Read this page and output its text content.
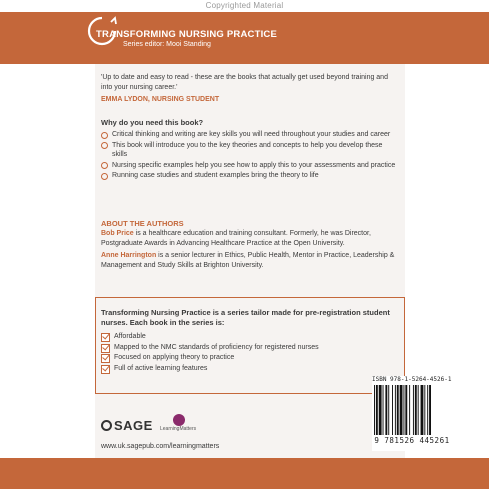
Copyrighted Material
TRANSFORMING NURSING PRACTICE
Series editor: Mooi Standing
'Up to date and easy to read - these are the books that actually get used beyond training and into your nursing career.'
EMMA LYDON, NURSING STUDENT
Why do you need this book?
Critical thinking and writing are key skills you will need throughout your studies and career
This book will introduce you to the key theories and concepts to help you develop these skills
Nursing specific examples help you see how to apply this to your assessments and practice
Running case studies and student examples bring the theory to life
ABOUT THE AUTHORS
Bob Price is a healthcare education and training consultant. Formerly, he was Director, Postgraduate Awards in Advancing Healthcare Practice at the Open University.
Anne Harrington is a senior lecturer in Ethics, Public Health, Mentor in Practice, Leadership & Management and Study Skills at Brighton University.
Transforming Nursing Practice is a series tailor made for pre-registration student nurses. Each book in the series is:
Affordable
Mapped to the NMC standards of proficiency for registered nurses
Focused on applying theory to practice
Full of active learning features
SAGE LearningMatters
www.uk.sagepub.com/learningmatters
ISBN 978-1-5264-4526-1
9 781526 445261
